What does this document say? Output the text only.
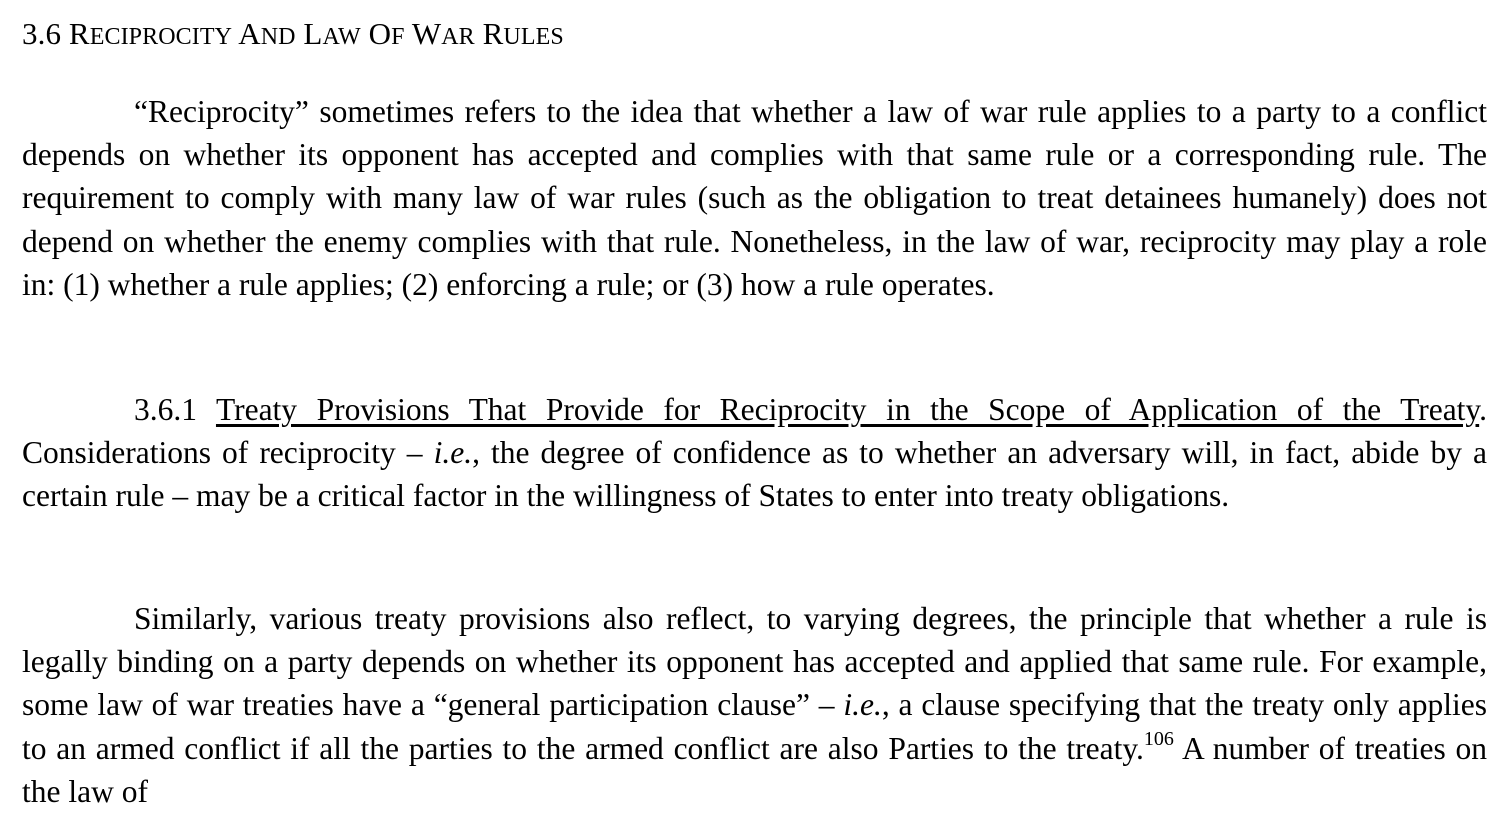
3.6 RECIPROCITY AND LAW OF WAR RULES

“Reciprocity” sometimes refers to the idea that whether a law of war rule applies to a party to a conflict depends on whether its opponent has accepted and complies with that same rule or a corresponding rule. The requirement to comply with many law of war rules (such as the obligation to treat detainees humanely) does not depend on whether the enemy complies with that rule. Nonetheless, in the law of war, reciprocity may play a role in: (1) whether a rule applies; (2) enforcing a rule; or (3) how a rule operates.

3.6.1 Treaty Provisions That Provide for Reciprocity in the Scope of Application of the Treaty. Considerations of reciprocity – i.e., the degree of confidence as to whether an adversary will, in fact, abide by a certain rule – may be a critical factor in the willingness of States to enter into treaty obligations.

Similarly, various treaty provisions also reflect, to varying degrees, the principle that whether a rule is legally binding on a party depends on whether its opponent has accepted and applied that same rule. For example, some law of war treaties have a “general participation clause” – i.e., a clause specifying that the treaty only applies to an armed conflict if all the parties to the armed conflict are also Parties to the treaty.$^{106}$ A number of treaties on the law of
